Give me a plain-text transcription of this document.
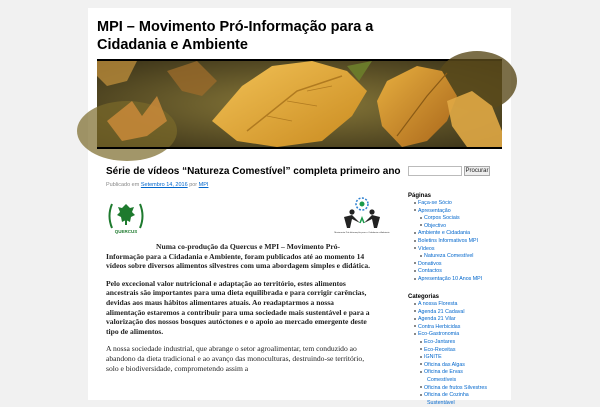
MPI – Movimento Pró-Informação para a Cidadania e Ambiente
Série de vídeos “Natureza Comestível” completa primeiro ano
Publicado em Setembro 14, 2016 por MPI
QUERCUS	Movimento Pró-Informação para a Cidadania e Ambiente

Numa co-produção da Quercus e MPI – Movimento Pró-Informação para a Cidadania e Ambiente, foram publicados até ao momento 14 vídeos sobre diversos alimentos silvestres com uma abordagem simples e didática.

Pelo excecional valor nutricional e adaptação ao território, estes alimentos ancestrais são importantes para uma dieta equilibrada e para corrigir carências, devidas aos maus hábitos alimentares atuais. Ao readaptarmos a nossa alimentação estaremos a contribuir para uma sociedade mais sustentável e para a valorização dos nossos bosques autóctones e o apoio ao mercado emergente deste tipo de alimentos.

A nossa sociedade industrial, que abrange o setor agroalimentar, tem conduzido ao abandono da dieta tradicional e ao avanço das monoculturas, destruindo-se território, solo e biodiversidade, comprometendo assim a

Procurar
Páginas
Faça-se Sócio
Apresentação
Corpos Sociais
Objectivo
Ambiente e Cidadania
Boletins Informativos MPI
Vídeos
Natureza Comestível
Donativos
Contactos
Apresentação 10 Anos MPI
Categorias
A nossa Floresta
Agenda 21 Cadaval
Agenda 21 Vilar
Contra Herbicidas
Eco-Gastronomia
Eco-Jantares
Eco-Receitas
IGNITE
Oficina das Algas
Oficina de Ervas
Comestíveis
Oficina de frutos Silvestres
Oficina de Cozinha
Sustentável
